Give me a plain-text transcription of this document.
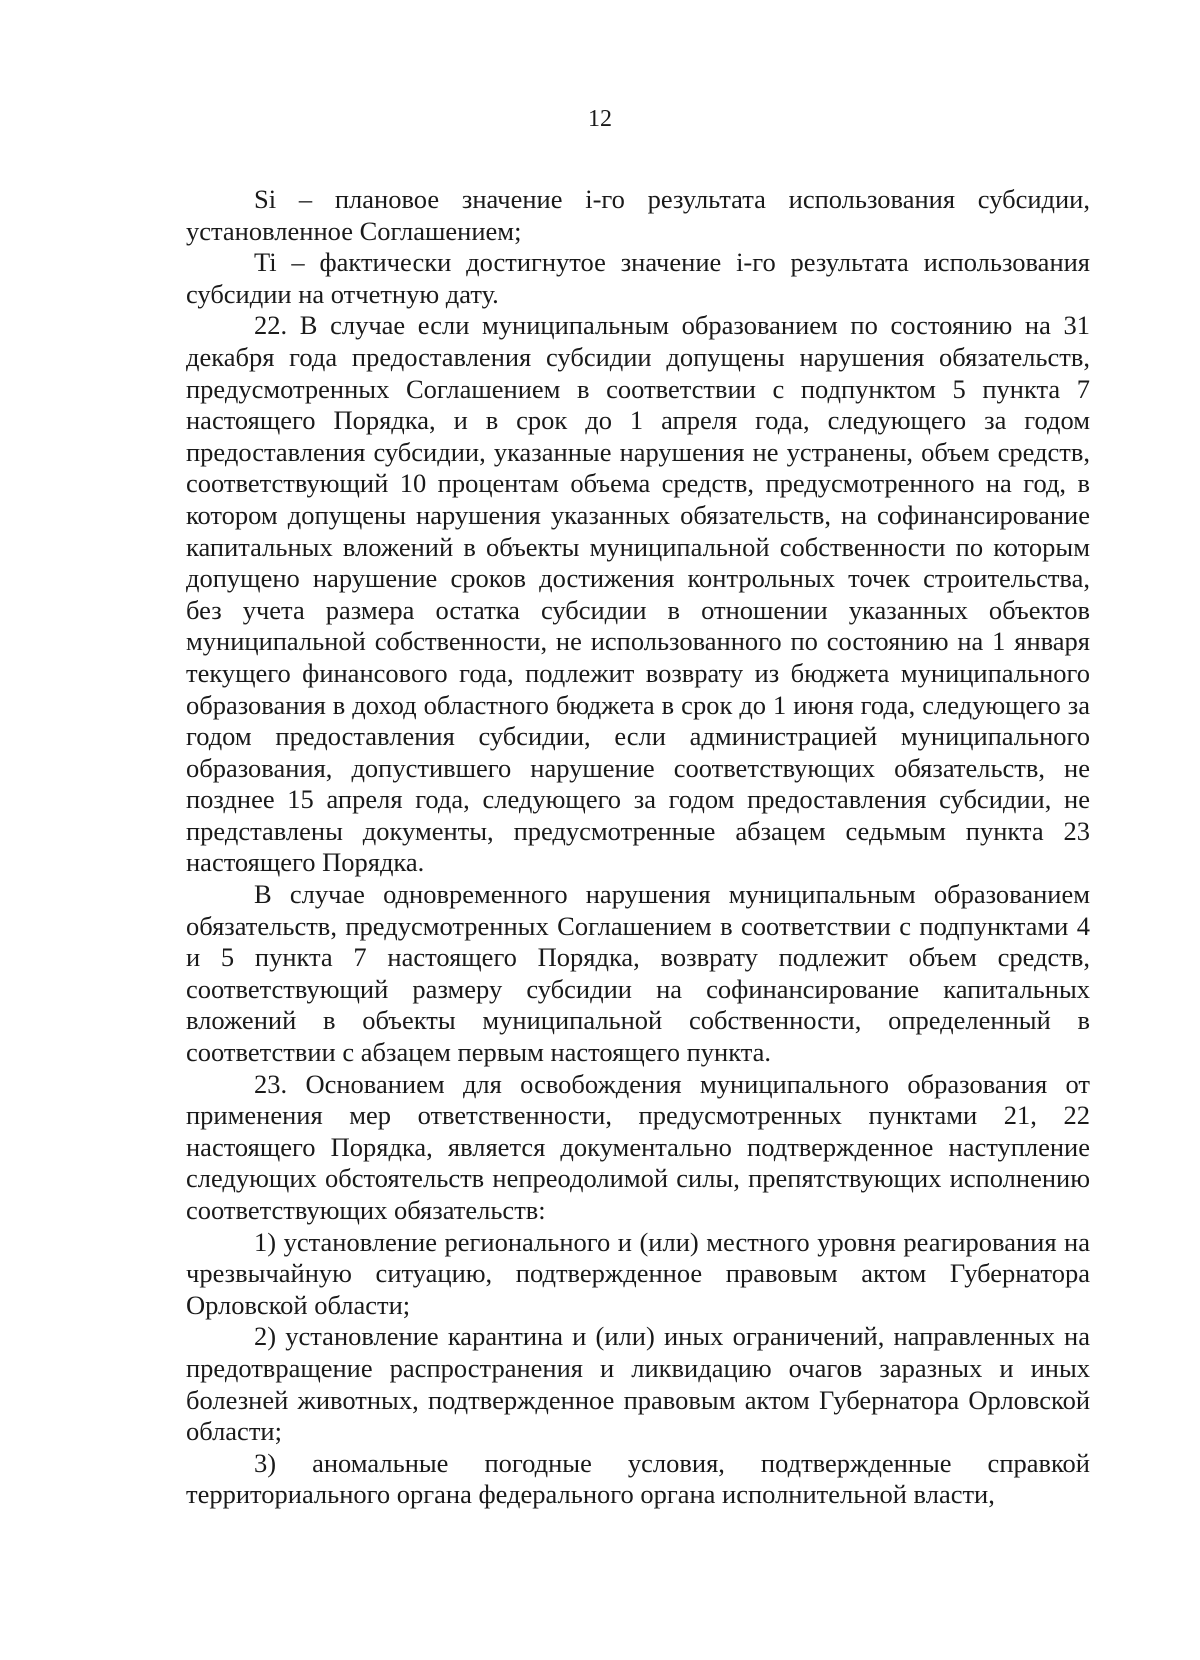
12

Si – плановое значение i-го результата использования субсидии, установленное Соглашением;

Ti – фактически достигнутое значение i-го результата использования субсидии на отчетную дату.

22. В случае если муниципальным образованием по состоянию на 31 декабря года предоставления субсидии допущены нарушения обязательств, предусмотренных Соглашением в соответствии с подпунктом 5 пункта 7 настоящего Порядка, и в срок до 1 апреля года, следующего за годом предоставления субсидии, указанные нарушения не устранены, объем средств, соответствующий 10 процентам объема средств, предусмотренного на год, в котором допущены нарушения указанных обязательств, на софинансирование капитальных вложений в объекты муниципальной собственности по которым допущено нарушение сроков достижения контрольных точек строительства, без учета размера остатка субсидии в отношении указанных объектов муниципальной собственности, не использованного по состоянию на 1 января текущего финансового года, подлежит возврату из бюджета муниципального образования в доход областного бюджета в срок до 1 июня года, следующего за годом предоставления субсидии, если администрацией муниципального образования, допустившего нарушение соответствующих обязательств, не позднее 15 апреля года, следующего за годом предоставления субсидии, не представлены документы, предусмотренные абзацем седьмым пункта 23 настоящего Порядка.

В случае одновременного нарушения муниципальным образованием обязательств, предусмотренных Соглашением в соответствии с подпунктами 4 и 5 пункта 7 настоящего Порядка, возврату подлежит объем средств, соответствующий размеру субсидии на софинансирование капитальных вложений в объекты муниципальной собственности, определенный в соответствии с абзацем первым настоящего пункта.

23. Основанием для освобождения муниципального образования от применения мер ответственности, предусмотренных пунктами 21, 22 настоящего Порядка, является документально подтвержденное наступление следующих обстоятельств непреодолимой силы, препятствующих исполнению соответствующих обязательств:

1) установление регионального и (или) местного уровня реагирования на чрезвычайную ситуацию, подтвержденное правовым актом Губернатора Орловской области;

2) установление карантина и (или) иных ограничений, направленных на предотвращение распространения и ликвидацию очагов заразных и иных болезней животных, подтвержденное правовым актом Губернатора Орловской области;

3) аномальные погодные условия, подтвержденные справкой территориального органа федерального органа исполнительной власти,
